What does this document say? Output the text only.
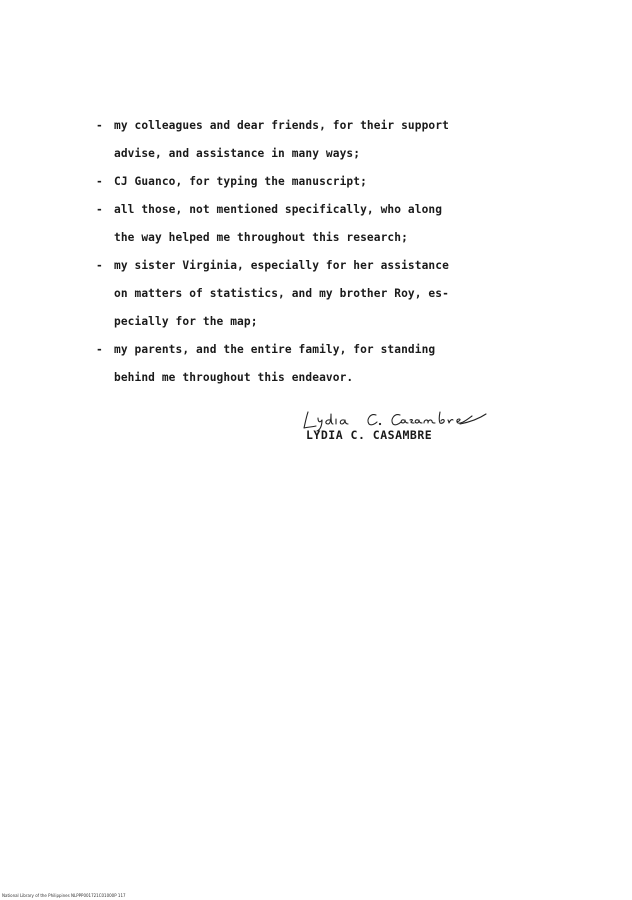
- my colleagues and dear friends, for their support
advise, and assistance in many ways;
- CJ Guanco, for typing the manuscript;
- all those, not mentioned specifically, who along
the way helped me throughout this research;
- my sister Virginia, especially for her assistance
on matters of statistics, and my brother Roy, es-
pecially for the map;
- my parents, and the entire family, for standing
behind me throughout this endeavor.
LYDIA C. CASAMBRE
National Library of the Philippines NLPPP001721C01000P 117
